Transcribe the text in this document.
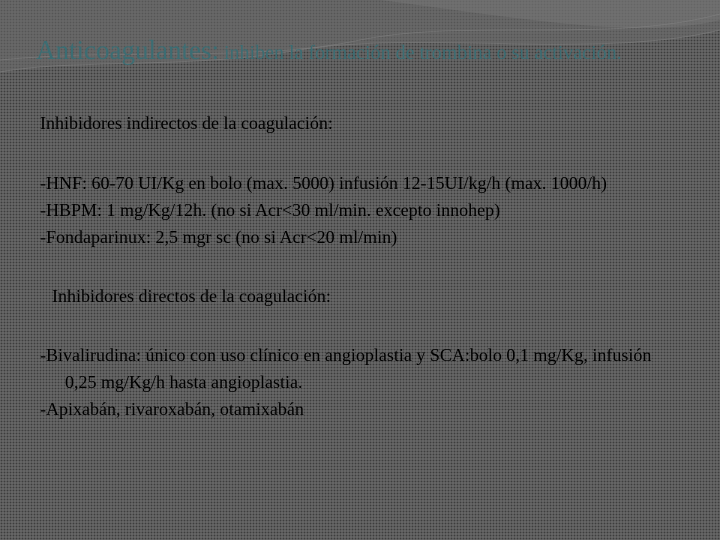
Anticoagulantes: inhiben la formación de trombina o su activación.

Inhibidores indirectos de la coagulación:

-HNF: 60-70 UI/Kg en bolo (max. 5000) infusión 12-15UI/kg/h (max. 1000/h)

-HBPM: 1 mg/Kg/12h. (no si Acr<30 ml/min. excepto innohep)

-Fondaparinux: 2,5 mgr sc (no si Acr<20 ml/min)

Inhibidores directos de la coagulación:

-Bivalirudina: único con uso clínico en angioplastia y SCA:bolo 0,1 mg/Kg, infusión 0,25 mg/Kg/h hasta angioplastia.

-Apixabán, rivaroxabán, otamixabán
